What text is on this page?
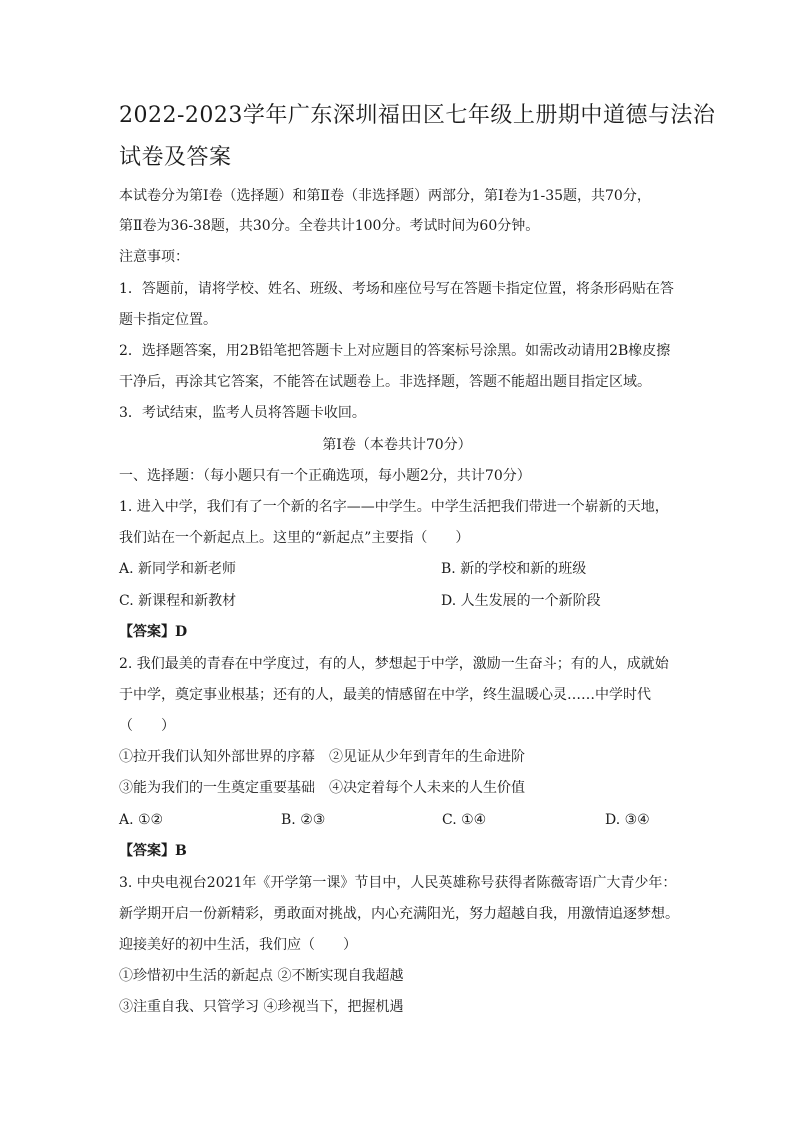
2022-2023学年广东深圳福田区七年级上册期中道德与法治
试卷及答案
本试卷分为第Ⅰ卷（选择题）和第Ⅱ卷（非选择题）两部分，第Ⅰ卷为1-35题，共70分，
第Ⅱ卷为36-38题，共30分。全卷共计100分。考试时间为60分钟。
注意事项：
1．答题前，请将学校、姓名、班级、考场和座位号写在答题卡指定位置，将条形码贴在答
题卡指定位置。
2．选择题答案，用2B铅笔把答题卡上对应题目的答案标号涂黑。如需改动请用2B橡皮擦
干净后，再涂其它答案，不能答在试题卷上。非选择题，答题不能超出题目指定区域。
3．考试结束，监考人员将答题卡收回。
第Ⅰ卷（本卷共计70分）
一、选择题：（每小题只有一个正确选项，每小题2分，共计70分）
1. 进入中学，我们有了一个新的名字——中学生。中学生活把我们带进一个崭新的天地，
我们站在一个新起点上。这里的“新起点”主要指（　　）
A. 新同学和新老师	B. 新的学校和新的班级
C. 新课程和新教材	D. 人生发展的一个新阶段
【答案】D
2. 我们最美的青春在中学度过，有的人，梦想起于中学，激励一生奋斗；有的人，成就始
于中学，奠定事业根基；还有的人，最美的情感留在中学，终生温暖心灵……中学时代
（　　）
①拉开我们认知外部世界的序幕　②见证从少年到青年的生命进阶
③能为我们的一生奠定重要基础　④决定着每个人未来的人生价值
A. ①②	B. ②③	C. ①④	D. ③④
【答案】B
3. 中央电视台2021年《开学第一课》节目中，人民英雄称号获得者陈薇寄语广大青少年：
新学期开启一份新精彩，勇敢面对挑战，内心充满阳光，努力超越自我，用激情追逐梦想。
迎接美好的初中生活，我们应（　　）
①珍惜初中生活的新起点 ②不断实现自我超越
③注重自我、只管学习 ④珍视当下，把握机遇
